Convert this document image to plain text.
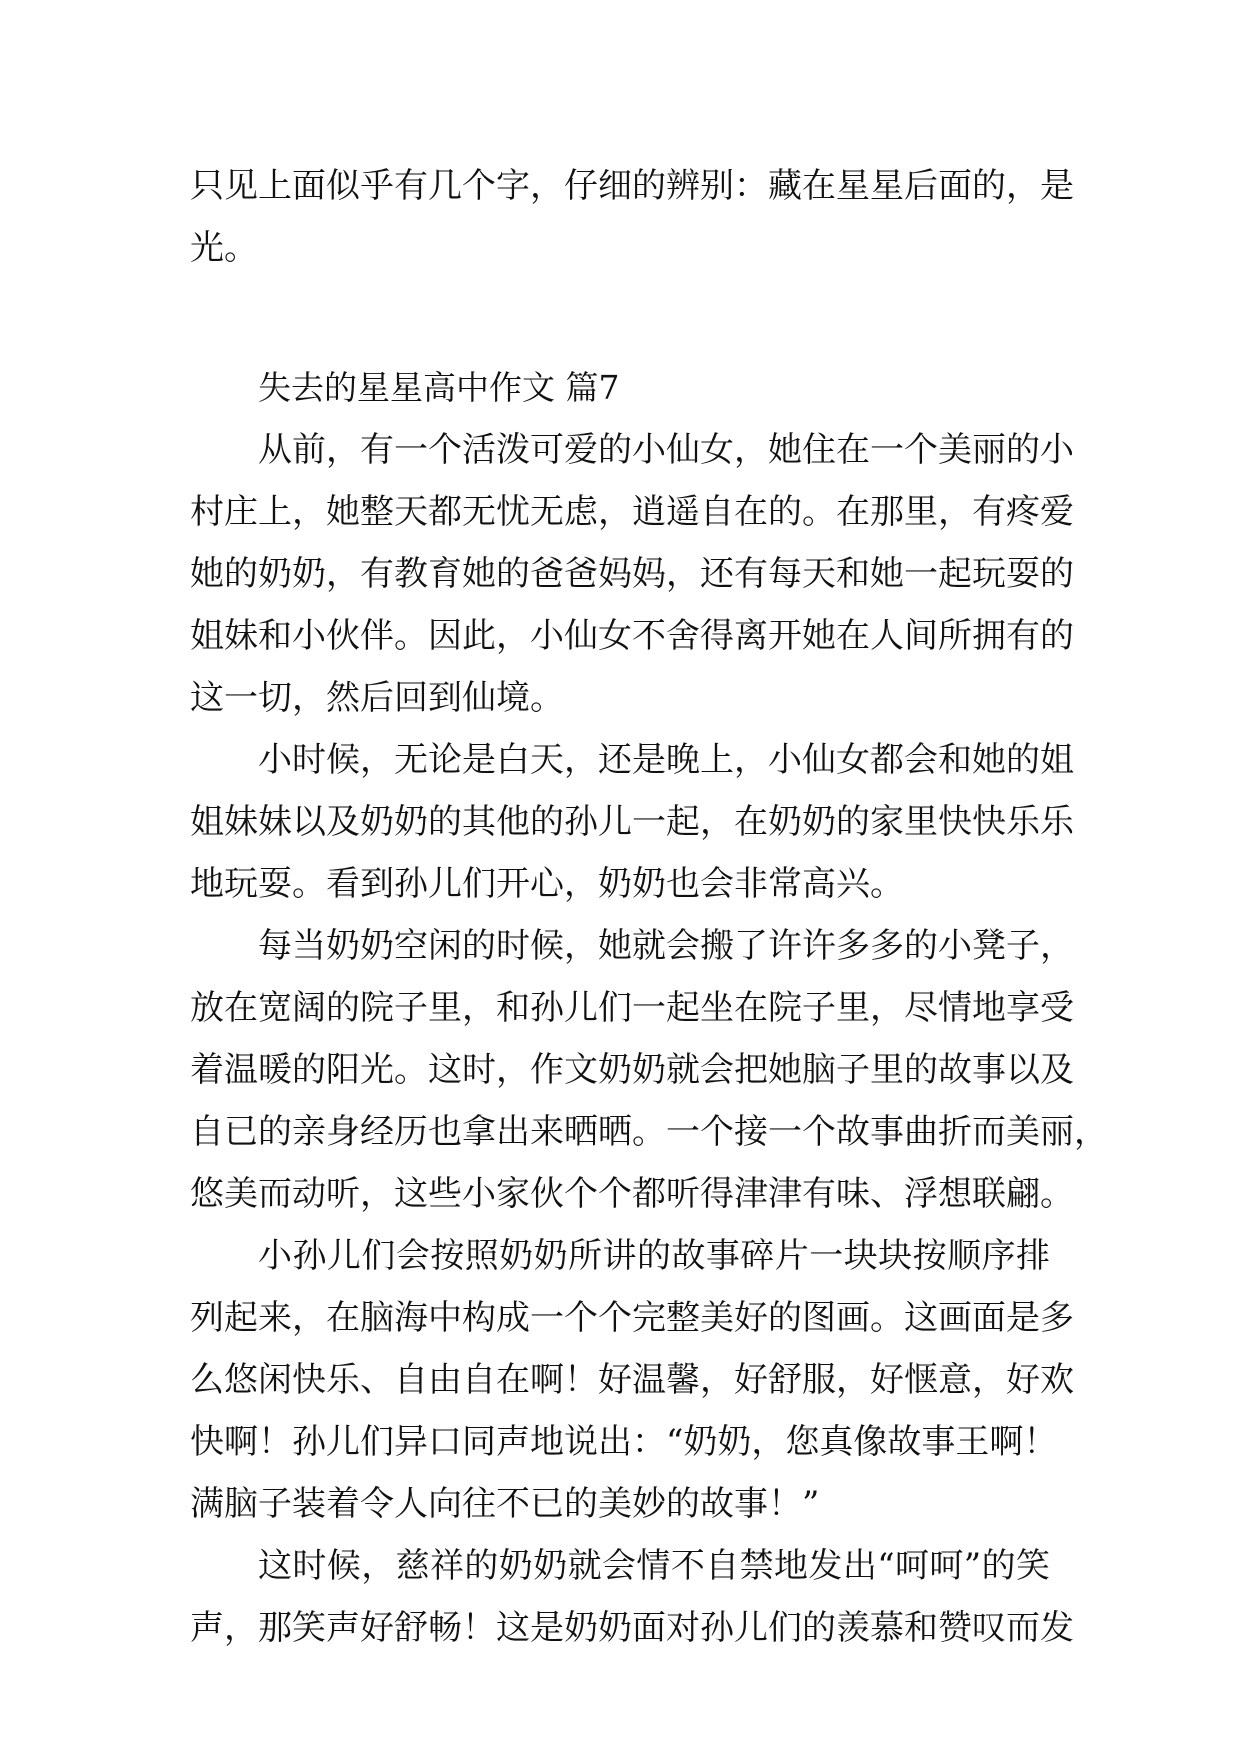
只见上面似乎有几个字，仔细的辨别：藏在星星后面的，是
光。
失去的星星高中作文 篇7
从前，有一个活泼可爱的小仙女，她住在一个美丽的小
村庄上，她整天都无忧无虑，逍遥自在的。在那里，有疼爱
她的奶奶，有教育她的爸爸妈妈，还有每天和她一起玩耍的
姐妹和小伙伴。因此，小仙女不舍得离开她在人间所拥有的
这一切，然后回到仙境。
小时候，无论是白天，还是晚上，小仙女都会和她的姐
姐妹妹以及奶奶的其他的孙儿一起，在奶奶的家里快快乐乐
地玩耍。看到孙儿们开心，奶奶也会非常高兴。
每当奶奶空闲的时候，她就会搬了许许多多的小凳子，
放在宽阔的院子里，和孙儿们一起坐在院子里，尽情地享受
着温暖的阳光。这时，作文奶奶就会把她脑子里的故事以及
自已的亲身经历也拿出来晒晒。一个接一个故事曲折而美丽，
悠美而动听，这些小家伙个个都听得津津有味、浮想联翩。
小孙儿们会按照奶奶所讲的故事碎片一块块按顺序排
列起来，在脑海中构成一个个完整美好的图画。这画面是多
么悠闲快乐、自由自在啊！好温馨，好舒服，好惬意，好欢
快啊！孙儿们异口同声地说出：“奶奶，您真像故事王啊！
满脑子装着令人向往不已的美妙的故事！”
这时候，慈祥的奶奶就会情不自禁地发出“呵呵”的笑
声，那笑声好舒畅！这是奶奶面对孙儿们的羡慕和赞叹而发
